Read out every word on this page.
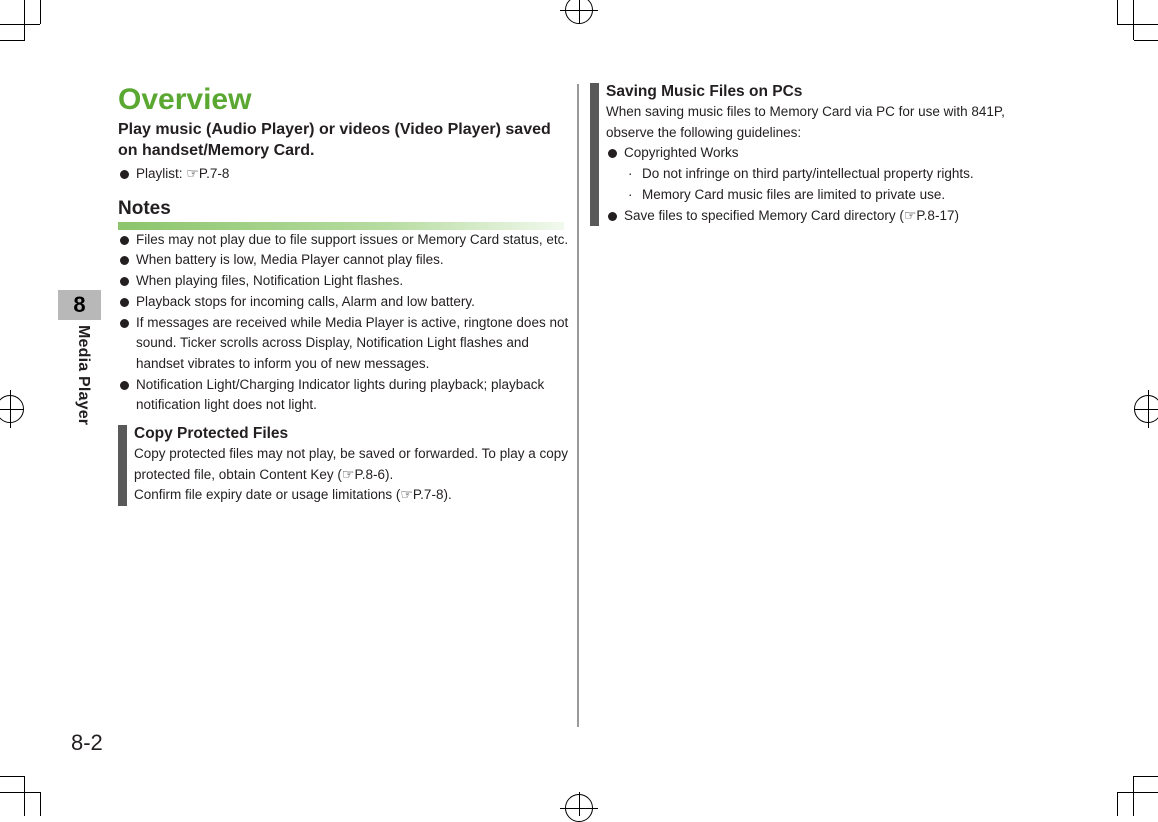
8
Media Player
8-2
Overview
Play music (Audio Player) or videos (Video Player) saved on handset/Memory Card.
Playlist: ☞P.7-8
Notes
Files may not play due to file support issues or Memory Card status, etc.
When battery is low, Media Player cannot play files.
When playing files, Notification Light flashes.
Playback stops for incoming calls, Alarm and low battery.
If messages are received while Media Player is active, ringtone does not sound. Ticker scrolls across Display, Notification Light flashes and handset vibrates to inform you of new messages.
Notification Light/Charging Indicator lights during playback; playback notification light does not light.
Copy Protected Files
Copy protected files may not play, be saved or forwarded. To play a copy protected file, obtain Content Key (☞P.8-6).
Confirm file expiry date or usage limitations (☞P.7-8).
Saving Music Files on PCs
When saving music files to Memory Card via PC for use with 841P, observe the following guidelines:
Copyrighted Works
· Do not infringe on third party/intellectual property rights.
· Memory Card music files are limited to private use.
Save files to specified Memory Card directory (☞P.8-17)
